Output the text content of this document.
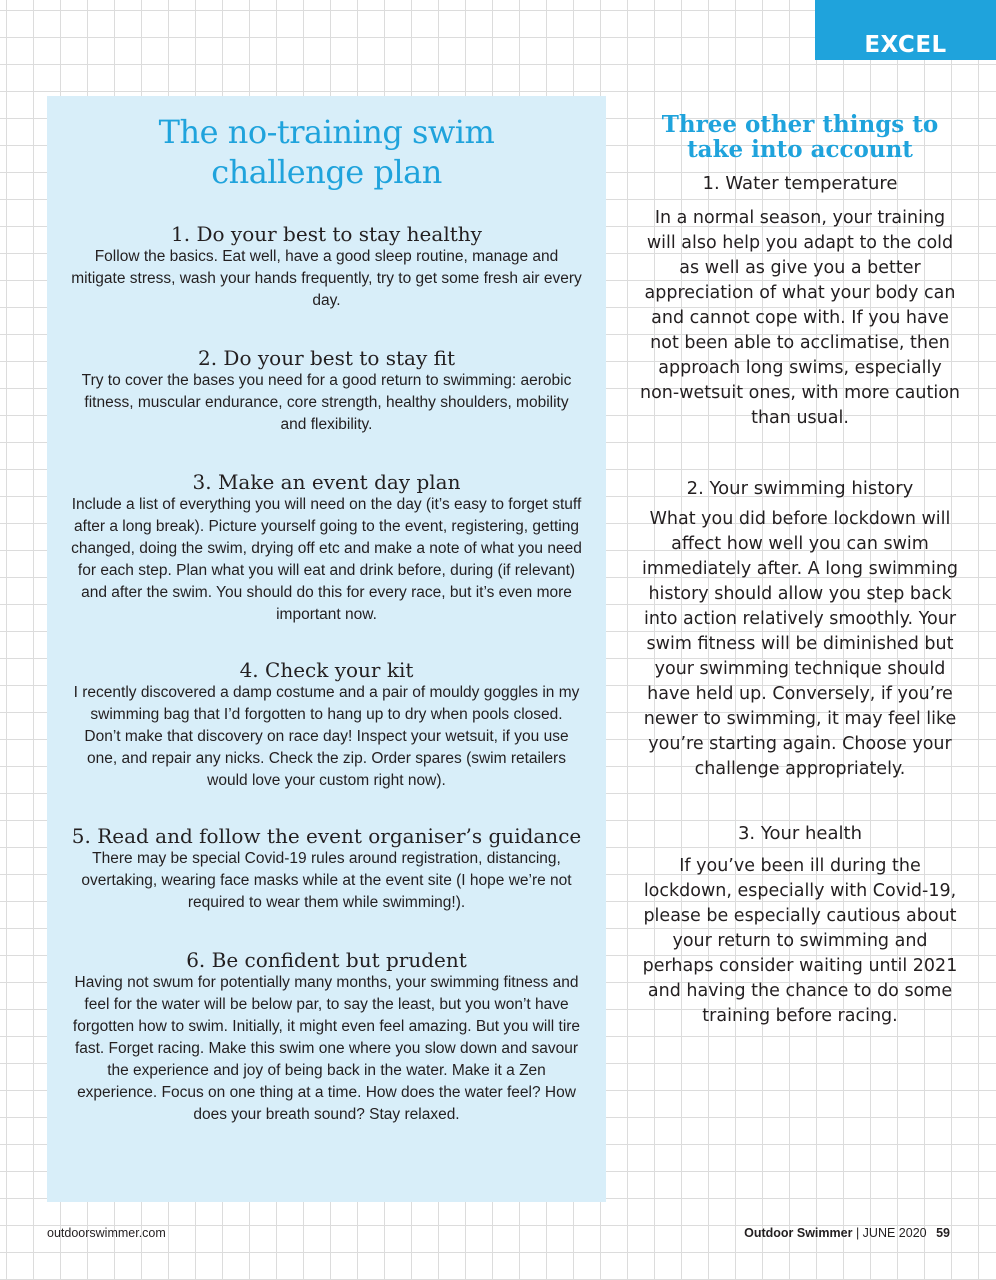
EXCEL
The no-training swim
challenge plan
1. Do your best to stay healthy

Follow the basics. Eat well, have a good sleep routine, manage and mitigate stress, wash your hands frequently, try to get some fresh air every day.

2. Do your best to stay fit

Try to cover the bases you need for a good return to swimming: aerobic fitness, muscular endurance, core strength, healthy shoulders, mobility and flexibility.

3. Make an event day plan

Include a list of everything you will need on the day (it’s easy to forget stuff after a long break). Picture yourself going to the event, registering, getting changed, doing the swim, drying off etc and make a note of what you need for each step. Plan what you will eat and drink before, during (if relevant) and after the swim. You should do this for every race, but it’s even more important now.

4. Check your kit

I recently discovered a damp costume and a pair of mouldy goggles in my swimming bag that I’d forgotten to hang up to dry when pools closed. Don’t make that discovery on race day! Inspect your wetsuit, if you use one, and repair any nicks. Check the zip. Order spares (swim retailers would love your custom right now).

5. Read and follow the event organiser’s guidance

There may be special Covid-19 rules around registration, distancing, overtaking, wearing face masks while at the event site (I hope we’re not required to wear them while swimming!).

6. Be confident but prudent

Having not swum for potentially many months, your swimming fitness and feel for the water will be below par, to say the least, but you won’t have forgotten how to swim. Initially, it might even feel amazing. But you will tire fast. Forget racing. Make this swim one where you slow down and savour the experience and joy of being back in the water. Make it a Zen experience. Focus on one thing at a time. How does the water feel? How does your breath sound? Stay relaxed.

Three other things to take into account
1. Water temperature

In a normal season, your training will also help you adapt to the cold as well as give you a better appreciation of what your body can and cannot cope with. If you have not been able to acclimatise, then approach long swims, especially non-wetsuit ones, with more caution than usual.

2. Your swimming history

What you did before lockdown will affect how well you can swim immediately after. A long swimming history should allow you step back into action relatively smoothly. Your swim fitness will be diminished but your swimming technique should have held up. Conversely, if you’re newer to swimming, it may feel like you’re starting again. Choose your challenge appropriately.

3. Your health

If you’ve been ill during the lockdown, especially with Covid-19, please be especially cautious about your return to swimming and perhaps consider waiting until 2021 and having the chance to do some training before racing.

outdoorswimmer.com	Outdoor Swimmer | JUNE 2020 59
